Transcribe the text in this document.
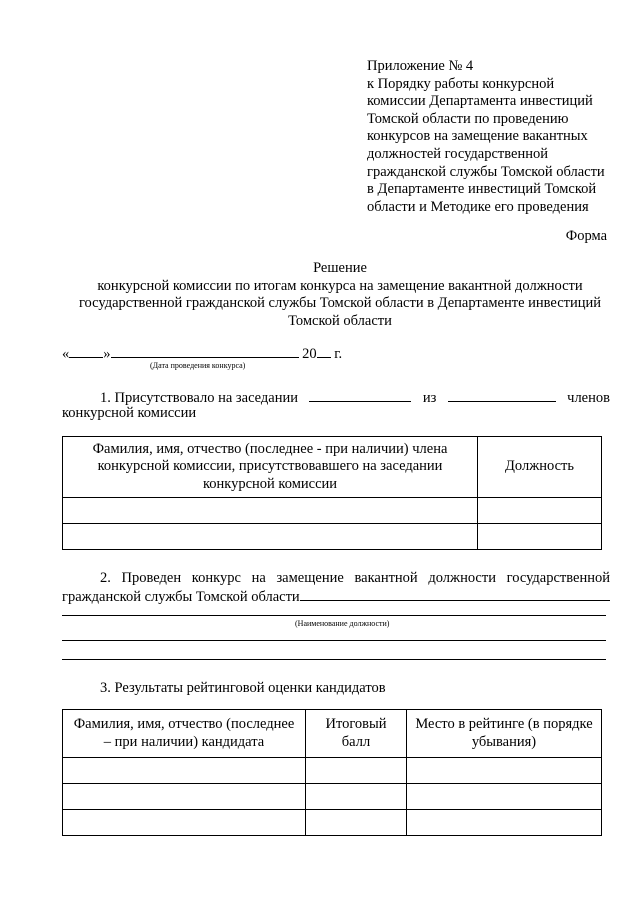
Приложение № 4
к Порядку работы конкурсной
комиссии Департамента инвестиций
Томской области по проведению
конкурсов на замещение вакантных
должностей государственной
гражданской службы Томской области
в Департаменте инвестиций Томской
области и Методике его проведения
Форма
Решение
конкурсной комиссии по итогам конкурса на замещение вакантной должности
государственной гражданской службы Томской области в Департаменте инвестиций
Томской области
« »	20 г.
(Дата проведения конкурса)
1. Присутствовало на заседании	из	членов
конкурсной комиссии
Фамилия, имя, отчество (последнее - при наличии) члена конкурсной комиссии, присутствовавшего на заседании конкурсной комиссии	Должность

2. Проведен конкурс на замещение вакантной должности государственной
гражданской службы Томской области
(Наименование должности)
3. Результаты рейтинговой оценки кандидатов
Фамилия, имя, отчество (последнее – при наличии) кандидата	Итоговый балл	Место в рейтинге (в порядке убывания)
